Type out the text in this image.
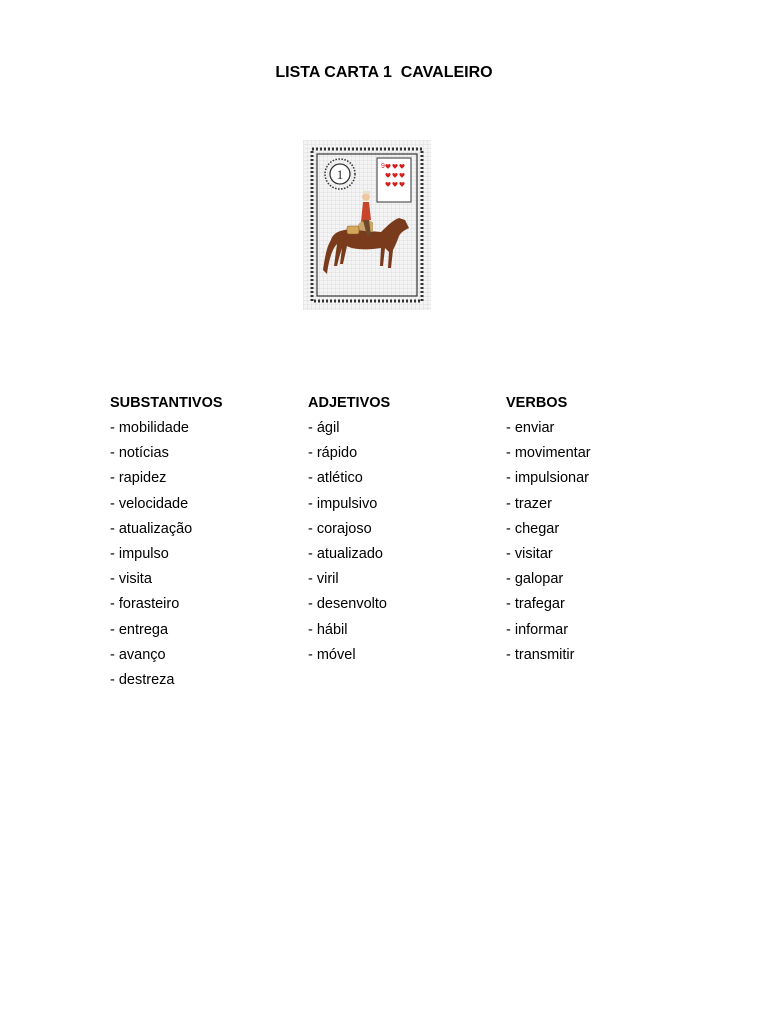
LISTA CARTA 1  CAVALEIRO
1
9
SUBSTANTIVOS
- mobilidade
- notícias
- rapidez
- velocidade
- atualização
- impulso
- visita
- forasteiro
- entrega
- avanço
- destreza
ADJETIVOS
- ágil
- rápido
- atlético
- impulsivo
- corajoso
- atualizado
- viril
- desenvolto
- hábil
- móvel
VERBOS
- enviar
- movimentar
- impulsionar
- trazer
- chegar
- visitar
- galopar
- trafegar
- informar
- transmitir
